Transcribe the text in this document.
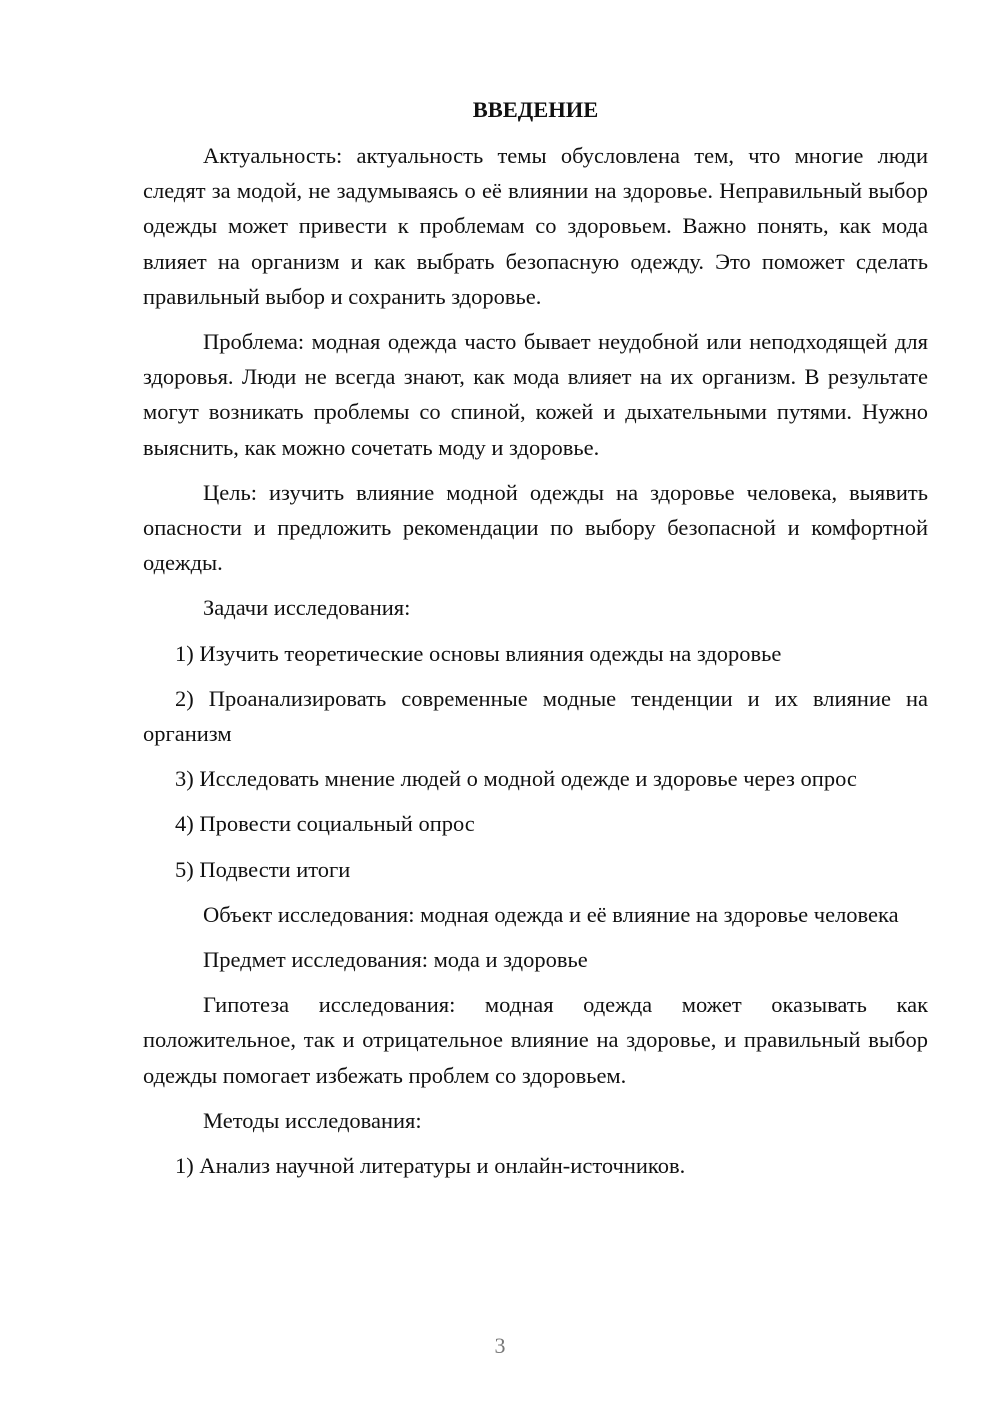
ВВЕДЕНИЕ

Актуальность: актуальность темы обусловлена тем, что многие люди следят за модой, не задумываясь о её влиянии на здоровье. Неправильный выбор одежды может привести к проблемам со здоровьем. Важно понять, как мода влияет на организм и как выбрать безопасную одежду. Это поможет сделать правильный выбор и сохранить здоровье.

Проблема: модная одежда часто бывает неудобной или неподходящей для здоровья. Люди не всегда знают, как мода влияет на их организм. В результате могут возникать проблемы со спиной, кожей и дыхательными путями. Нужно выяснить, как можно сочетать моду и здоровье.

Цель: изучить влияние модной одежды на здоровье человека, выявить опасности и предложить рекомендации по выбору безопасной и комфортной одежды.

Задачи исследования:

1) Изучить теоретические основы влияния одежды на здоровье

2) Проанализировать современные модные тенденции и их влияние на организм

3) Исследовать мнение людей о модной одежде и здоровье через опрос

4) Провести социальный опрос

5) Подвести итоги

Объект исследования: модная одежда и её влияние на здоровье человека

Предмет исследования: мода и здоровье

Гипотеза исследования: модная одежда может оказывать как положительное, так и отрицательное влияние на здоровье, и правильный выбор одежды помогает избежать проблем со здоровьем.

Методы исследования:

1) Анализ научной литературы и онлайн-источников.

3
